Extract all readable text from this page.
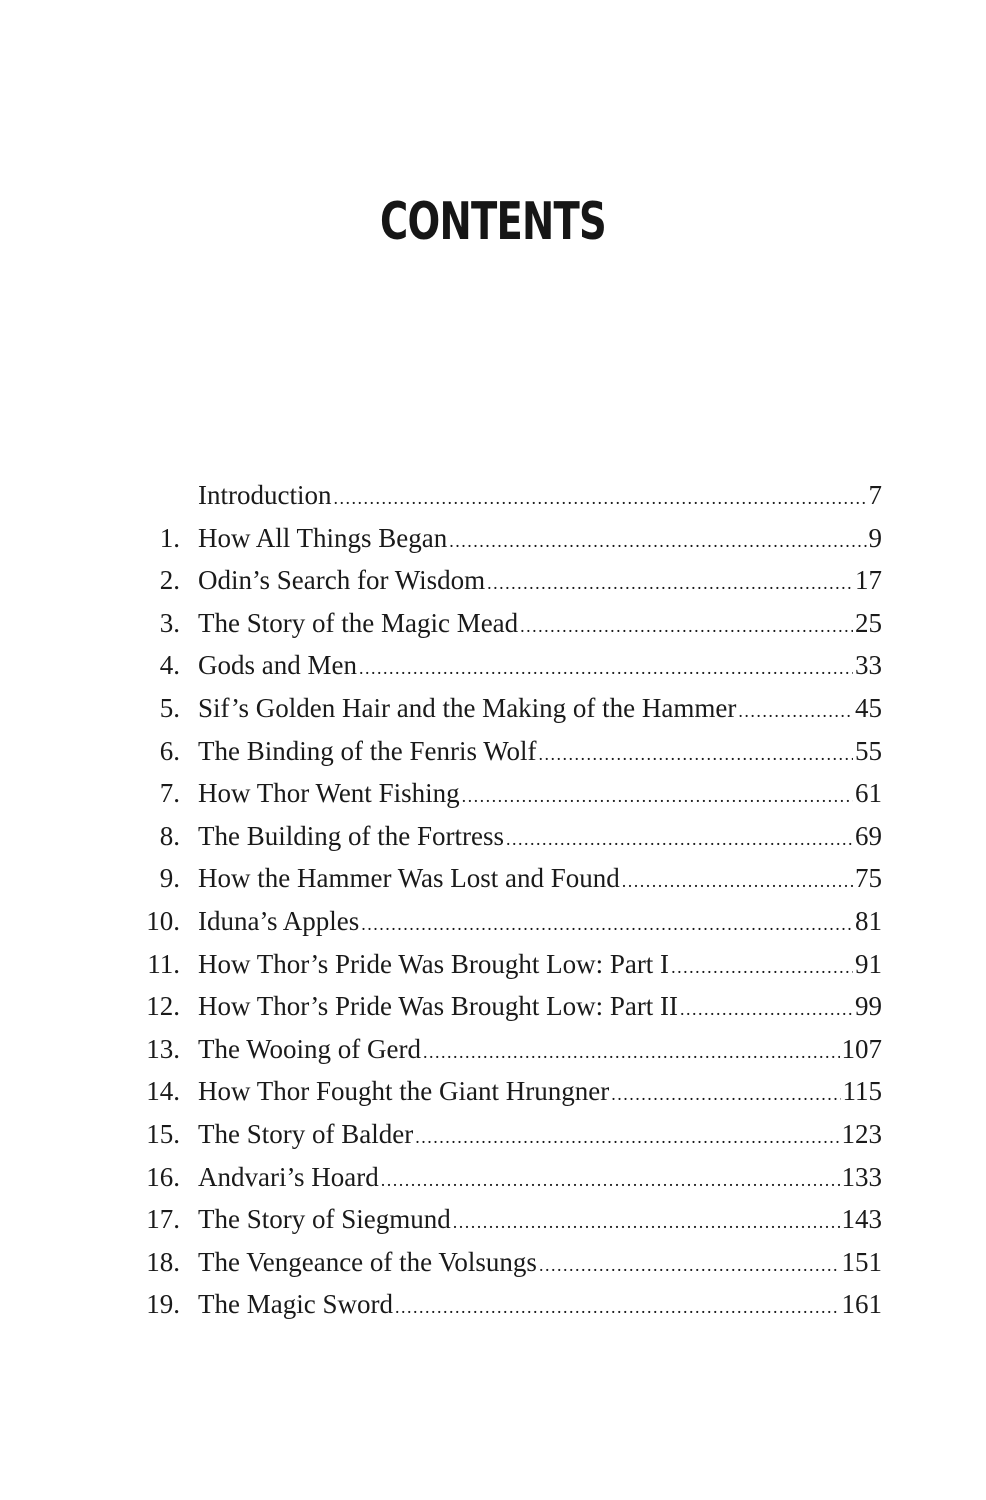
CONTENTS
Introduction .....	7
1. How All Things Began .....	9
2. Odin’s Search for Wisdom .....	17
3. The Story of the Magic Mead .....	25
4. Gods and Men .....	33
5. Sif’s Golden Hair and the Making of the Hammer .....	45
6. The Binding of the Fenris Wolf .....	55
7. How Thor Went Fishing .....	61
8. The Building of the Fortress .....	69
9. How the Hammer Was Lost and Found .....	75
10. Iduna’s Apples .....	81
11. How Thor’s Pride Was Brought Low: Part I .....	91
12. How Thor’s Pride Was Brought Low: Part II .....	99
13. The Wooing of Gerd .....	107
14. How Thor Fought the Giant Hrungner .....	115
15. The Story of Balder .....	123
16. Andvari’s Hoard .....	133
17. The Story of Siegmund .....	143
18. The Vengeance of the Volsungs .....	151
19. The Magic Sword .....	161
